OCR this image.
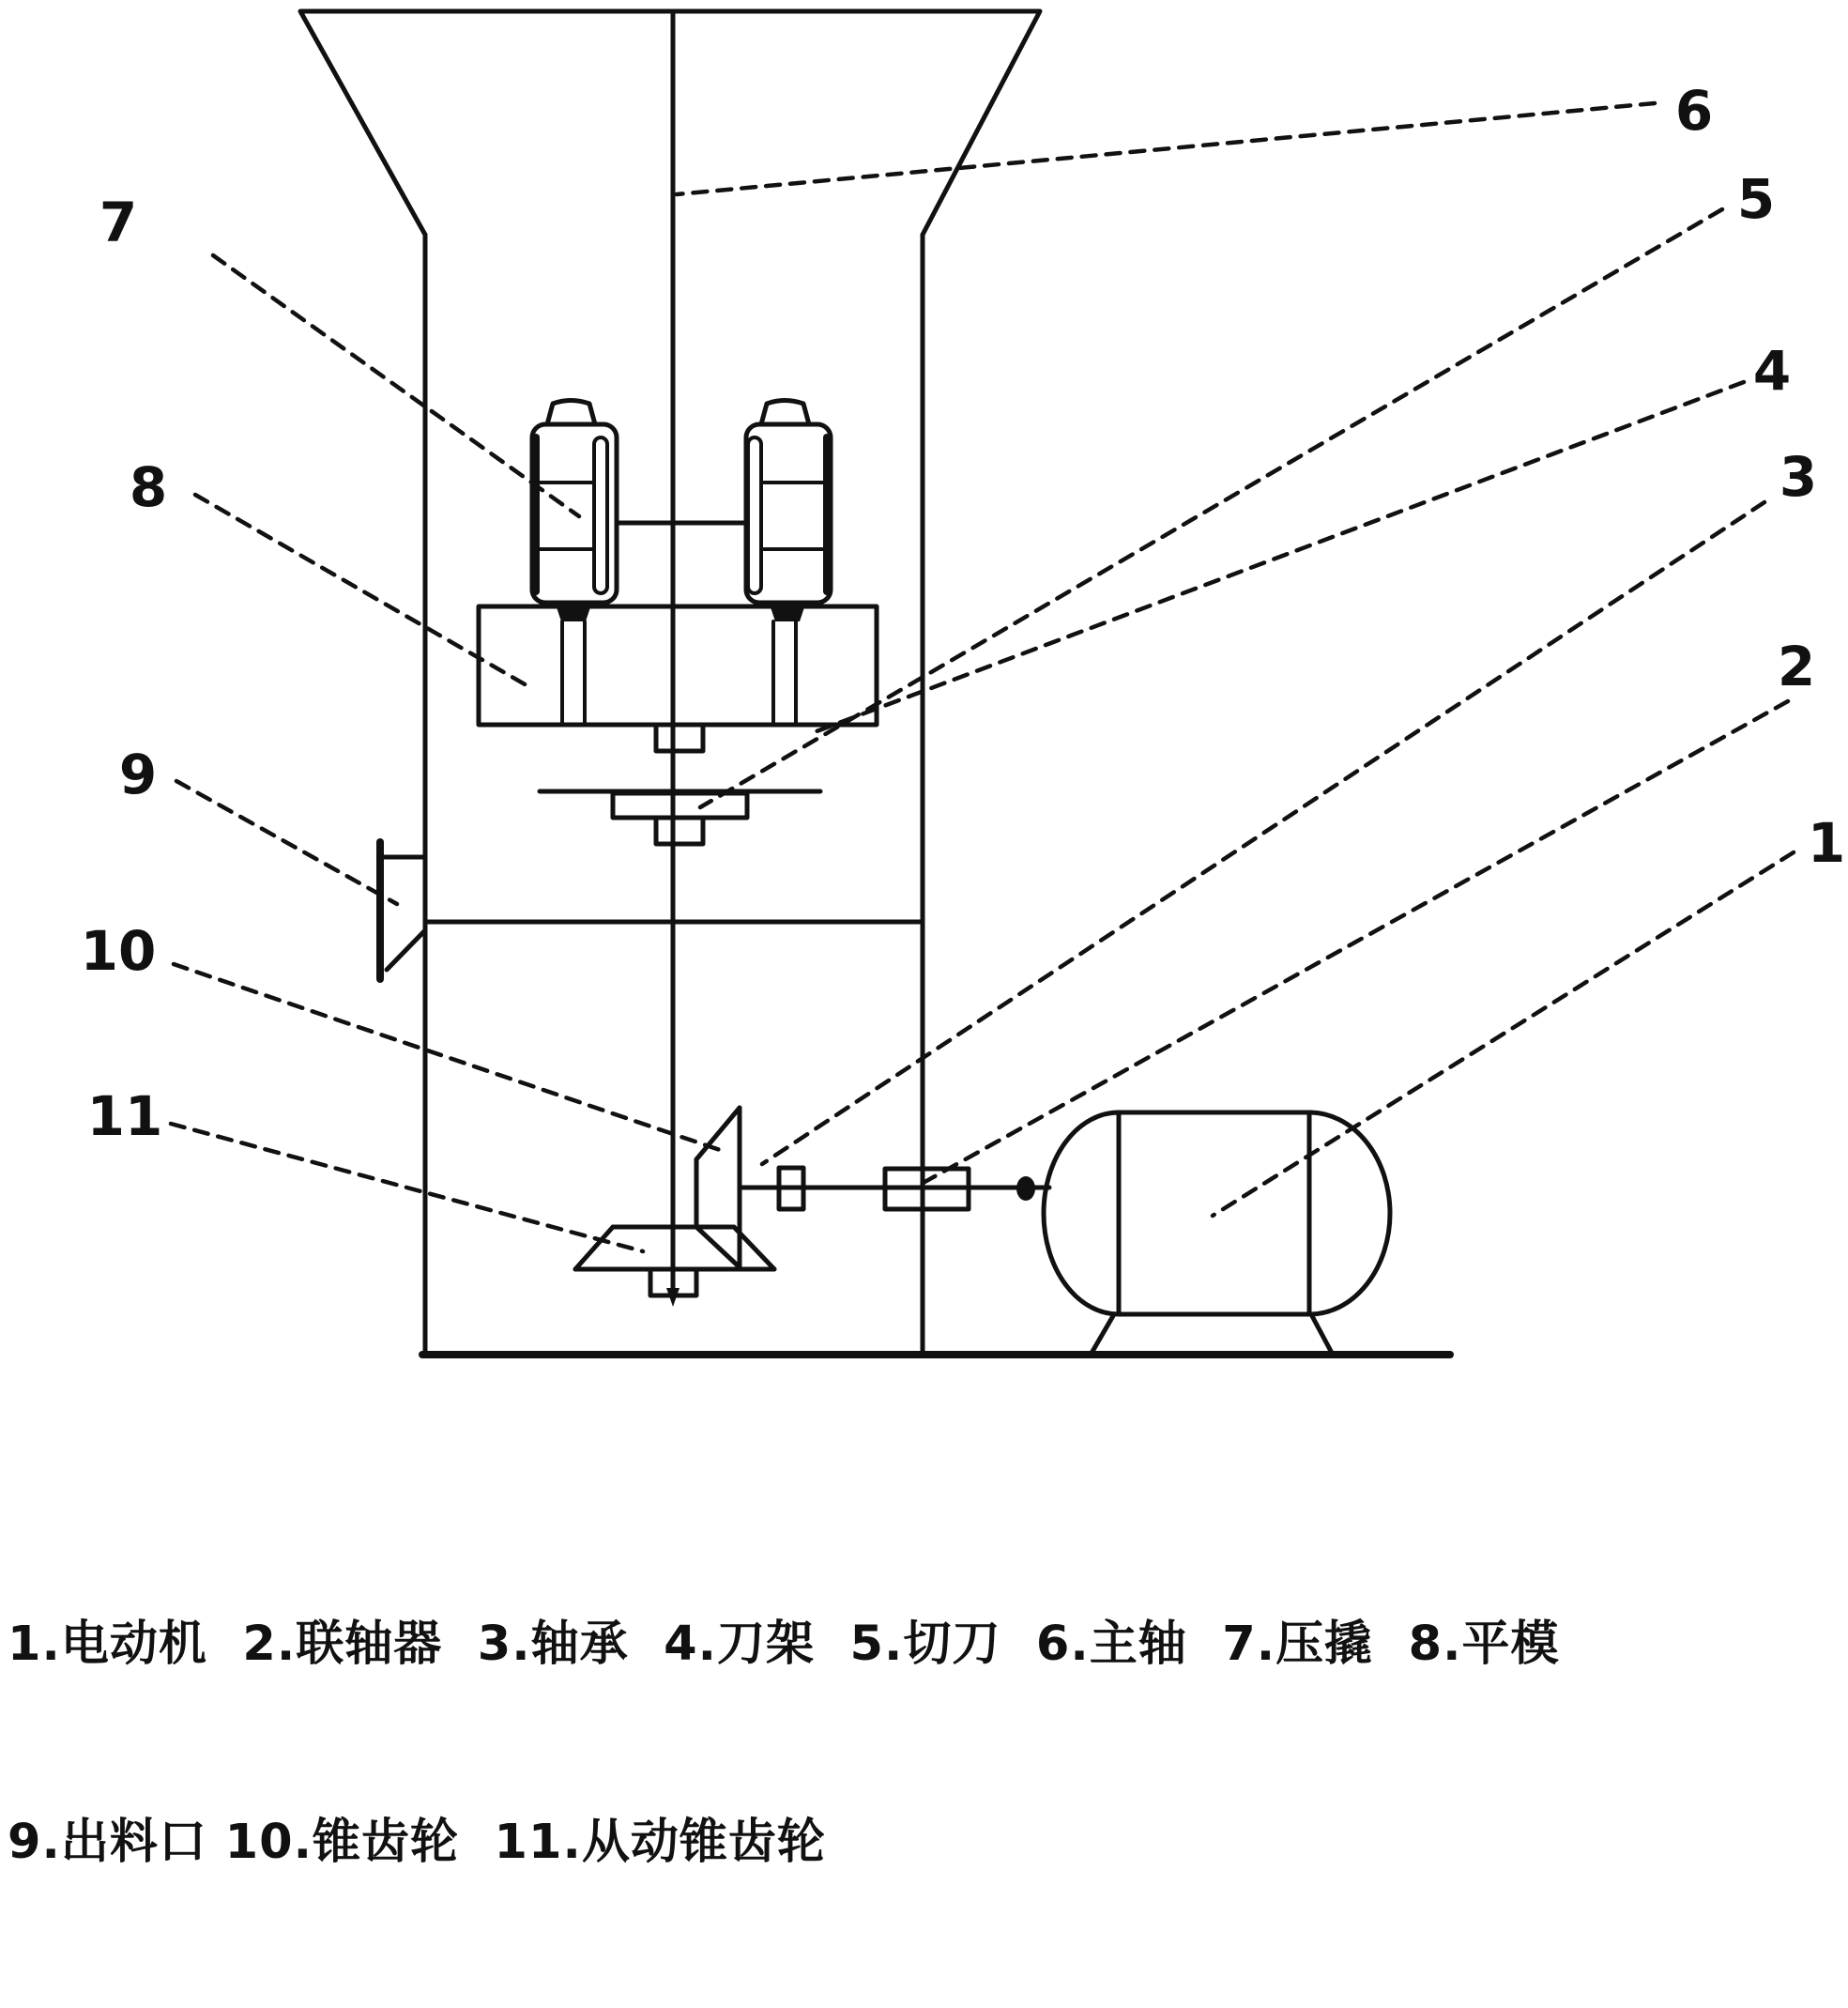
1
2
3
4
5
6
7
8
9
10
11

1.电动机  2.联轴器  3.轴承  4.刀架  5.切刀  6.主轴  7.压撬  8.平模

9.出料口 10.锥齿轮  11.从动锥齿轮
